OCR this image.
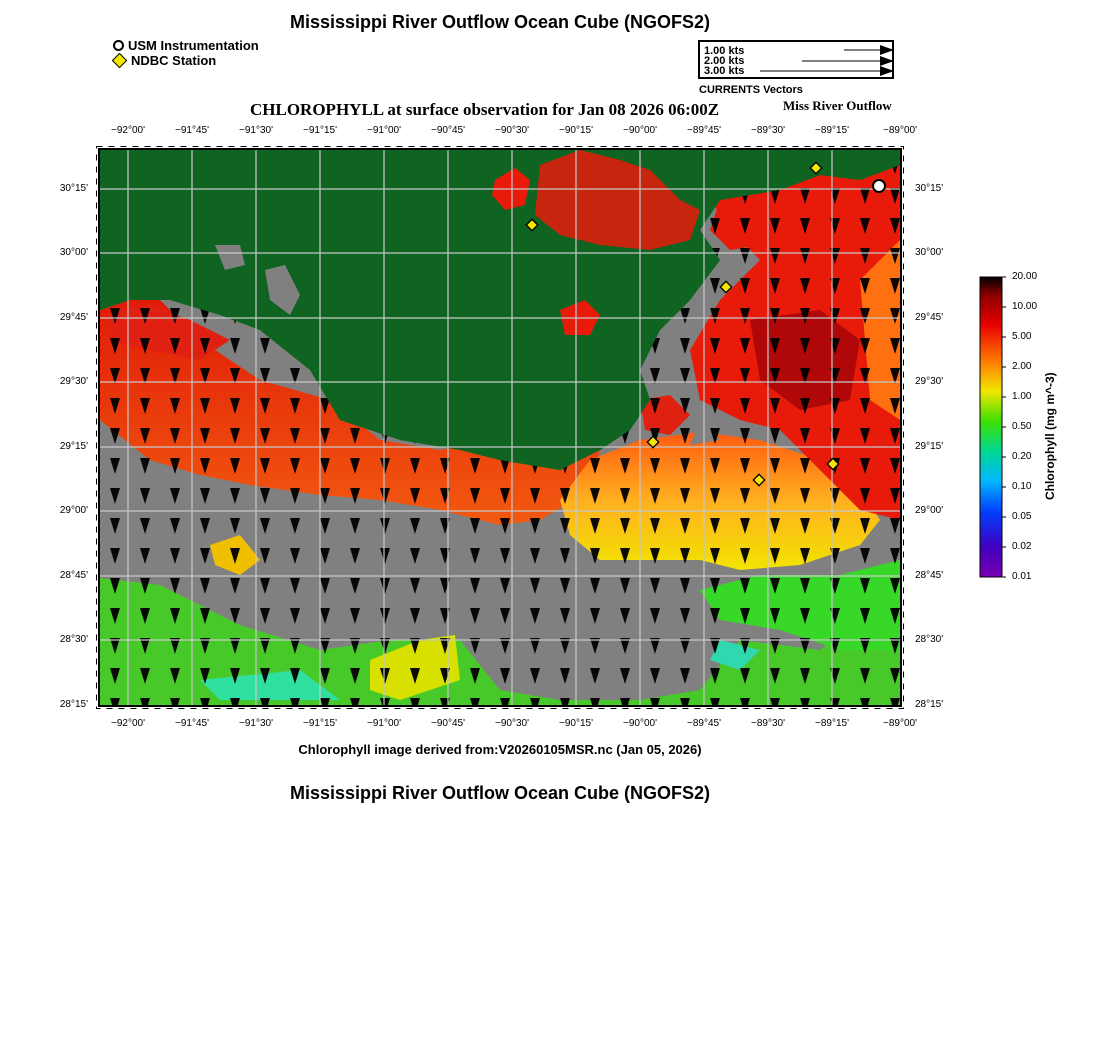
Mississippi River Outflow Ocean Cube (NGOFS2)
USM Instrumentation
NDBC Station
1.00 kts
2.00 kts
3.00 kts
CURRENTS Vectors
CHLOROPHYLL at surface observation for Jan 08 2026 06:00Z	Miss River Outflow
−92°00'	−91°45'	−91°30'	−91°15'	−91°00'	−90°45'	−90°30'	−90°15'	−90°00'	−89°45'	−89°30'	−89°15'	−89°00'
−92°00'	−91°45'	−91°30'	−91°15'	−91°00'	−90°45'	−90°30'	−90°15'	−90°00'	−89°45'	−89°30'	−89°15'	−89°00'
30°15'
30°00'
29°45'
29°30'
29°15'
29°00'
28°45'
28°30'
28°15'
30°15'
30°00'
29°45'
29°30'
29°15'
29°00'
28°45'
28°30'
28°15'
20.00
10.00
5.00
2.00
1.00
0.50
0.20
0.10
0.05
0.02
0.01
Chlorophyll (mg m^-3)
Chlorophyll image derived from:V20260105MSR.nc (Jan 05, 2026)
Mississippi River Outflow Ocean Cube (NGOFS2)
